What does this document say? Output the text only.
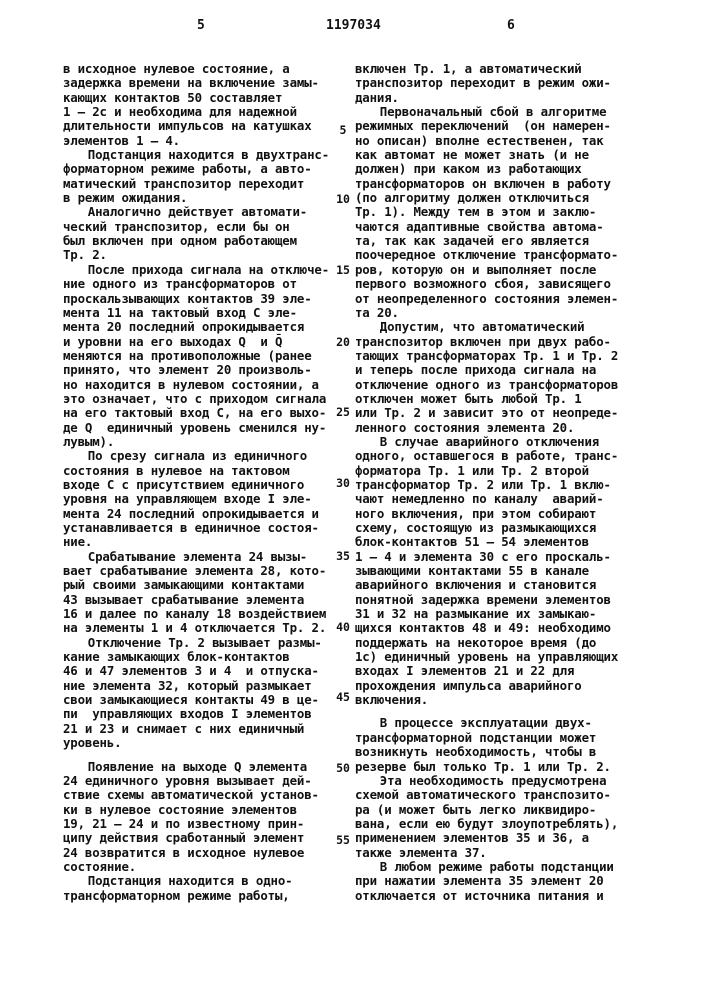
5	1197034	6
в исходное нулевое состояние, а
задержка времени на включение замы-
кающих контактов 50 составляет
1 – 2с и необходима для надежной
длительности импульсов на катушках
элементов 1 – 4.
Подстанция находится в двухтранс-
форматорном режиме работы, а авто-
матический транспозитор переходит
в режим ожидания.
Аналогично действует автомати-
ческий транспозитор, если бы он
был включен при одном работающем
Тр. 2.
После прихода сигнала на отключе-
ние одного из трансформаторов от
проскальзывающих контактов 39 эле-
мента 11 на тактовый вход С эле-
мента 20 последний опрокидывается
и уровни на его выходах Q  и Q̄
меняются на противоположные (ранее
принято, что элемент 20 произволь-
но находится в нулевом состоянии, а
это означает, что с приходом сигнала
на его тактовый вход С, на его выхо-
де Q  единичный уровень сменился ну-
лувым).
По срезу сигнала из единичного
состояния в нулевое на тактовом
входе С с присутствием единичного
уровня на управляющем входе I эле-
мента 24 последний опрокидывается и
устанавливается в единичное состоя-
ние.
Срабатывание элемента 24 вызы-
вает срабатывание элемента 28, кото-
рый своими замыкающими контактами
43 вызывает срабатывание элемента
16 и далее по каналу 18 воздействием
на элементы 1 и 4 отключается Тр. 2.
Отключение Тр. 2 вызывает размы-
кание замыкающих блок-контактов
46 и 47 элементов 3 и 4  и отпуска-
ние элемента 32, который размыкает
свои замыкающиеся контакты 49 в це-
пи  управляющих входов I элементов
21 и 23 и снимает с них единичный
уровень.
Появление на выходе Q элемента
24 единичного уровня вызывает дей-
ствие схемы автоматической установ-
ки в нулевое состояние элементов
19, 21 – 24 и по известному прин-
ципу действия сработанный элемент
24 возвратится в исходное нулевое
состояние.
Подстанция находится в одно-
трансформаторном режиме работы,
включен Тр. 1, а автоматический
транспозитор переходит в режим ожи-
дания.
Первоначальный сбой в алгоритме
режимных переключений  (он намерен-
но описан) вполне естественен, так
как автомат не может знать (и не
должен) при каком из работающих
трансформаторов он включен в работу
(по алгоритму должен отключиться
Тр. 1). Между тем в этом и заклю-
чаются адаптивные свойства автома-
та, так как задачей его является
поочередное отключение трансформато-
ров, которую он и выполняет после
первого возможного сбоя, зависящего
от неопределенного состояния элемен-
та 20.
Допустим, что автоматический
транспозитор включен при двух рабо-
тающих трансформаторах Тр. 1 и Тр. 2
и теперь после прихода сигнала на
отключение одного из трансформаторов
отключен может быть любой Тр. 1
или Тр. 2 и зависит это от неопреде-
ленного состояния элемента 20.
В случае аварийного отключения
одного, оставшегося в работе, транс-
форматора Тр. 1 или Тр. 2 второй
трансформатор Тр. 2 или Тр. 1 вклю-
чают немедленно по каналу  аварий-
ного включения, при этом собирают
схему, состоящую из размыкающихся
блок-контактов 51 – 54 элементов
1 – 4 и элемента 30 с его проскаль-
зывающими контактами 55 в канале
аварийного включения и становится
понятной задержка времени элементов
31 и 32 на размыкание их замыкаю-
щихся контактов 48 и 49: необходимо
поддержать на некоторое время (до
1с) единичный уровень на управляющих
входах I элементов 21 и 22 для
прохождения импульса аварийного
включения.
В процессе эксплуатации двух-
трансформаторной подстанции может
возникнуть необходимость, чтобы в
резерве был только Тр. 1 или Тр. 2.
Эта необходимость предусмотрена
схемой автоматического транспозито-
ра (и может быть легко ликвидиро-
вана, если ею будут злоупотреблять),
применением элементов 35 и 36, а
также элемента 37.
В любом режиме работы подстанции
при нажатии элемента 35 элемент 20
отключается от источника питания и
5
10
15
20
25
30
35
40
45
50
55
